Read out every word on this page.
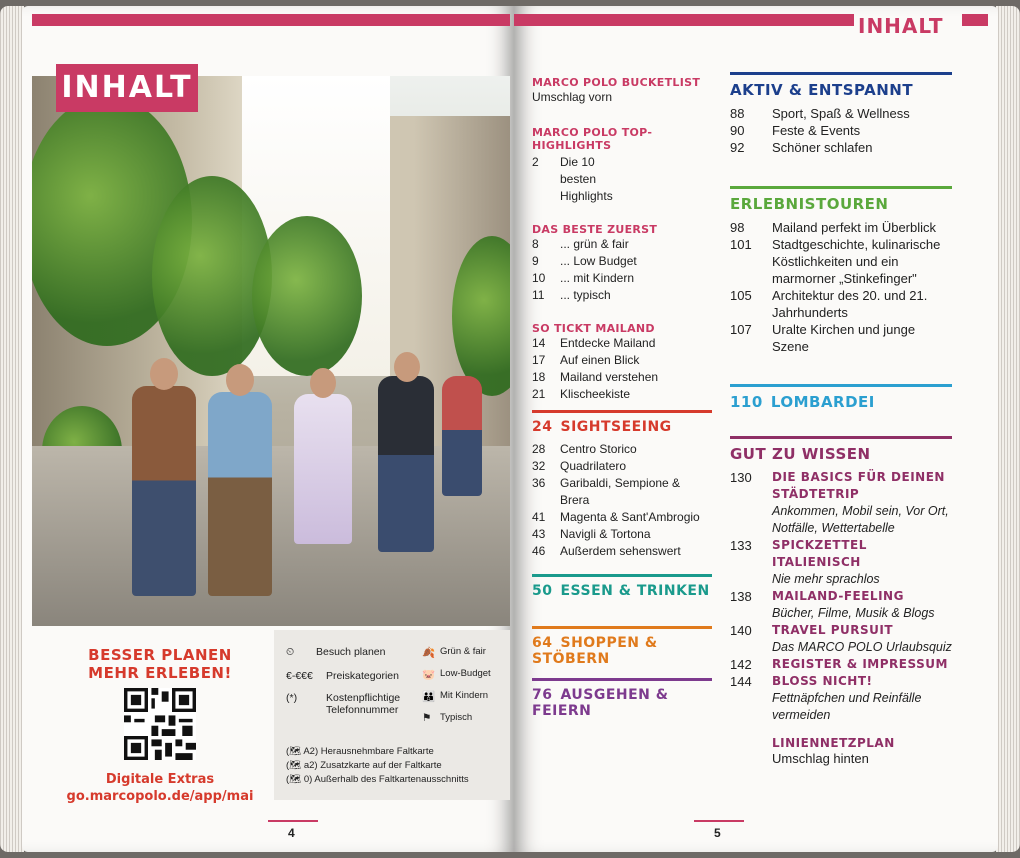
INHALT
BESSER PLANEN
MEHR ERLEBEN!
Digitale Extras
go.marcopolo.de/app/mai
⏲	Besuch planen
€-€€€	Preiskategorien
(*)	Kostenpflichtige Telefonnummer
🍂 Grün & fair
🐷 Low-Budget
👪 Mit Kindern
⚑ Typisch
(🗺 A2) Herausnehmbare Faltkarte
(🗺 a2) Zusatzkarte auf der Faltkarte
(🗺 0) Außerhalb des Faltkartenausschnitts
4
INHALT
MARCO POLO BUCKETLIST
Umschlag vorn
MARCO POLO TOP-HIGHLIGHTS
2	Die 10 besten Highlights
DAS BESTE ZUERST
8	... grün & fair
9	... Low Budget
10	... mit Kindern
11	... typisch
SO TICKT MAILAND
14	Entdecke Mailand
17	Auf einen Blick
18	Mailand verstehen
21	Klischeekiste
24 SIGHTSEEING
28	Centro Storico
32	Quadrilatero
36	Garibaldi, Sempione & Brera
41	Magenta & Sant'Ambrogio
43	Navigli & Tortona
46	Außerdem sehenswert
50 ESSEN & TRINKEN
64 SHOPPEN & STÖBERN
76 AUSGEHEN & FEIERN
AKTIV & ENTSPANNT
88	Sport, Spaß & Wellness
90	Feste & Events
92	Schöner schlafen
ERLEBNISTOUREN
98	Mailand perfekt im Überblick
101	Stadtgeschichte, kulinarische Köstlichkeiten und ein marmorner „Stinkefinger"
105	Architektur des 20. und 21. Jahrhunderts
107	Uralte Kirchen und junge Szene
110 LOMBARDEI
GUT ZU WISSEN
130	DIE BASICS FÜR DEINEN STÄDTETRIP
Ankommen, Mobil sein, Vor Ort, Notfälle, Wettertabelle
133	SPICKZETTEL ITALIENISCH
Nie mehr sprachlos
138	MAILAND-FEELING
Bücher, Filme, Musik & Blogs
140	TRAVEL PURSUIT
Das MARCO POLO Urlaubsquiz
142	REGISTER & IMPRESSUM
144	BLOSS NICHT!
Fettnäpfchen und Reinfälle vermeiden
LINIENNETZPLAN
Umschlag hinten
5
